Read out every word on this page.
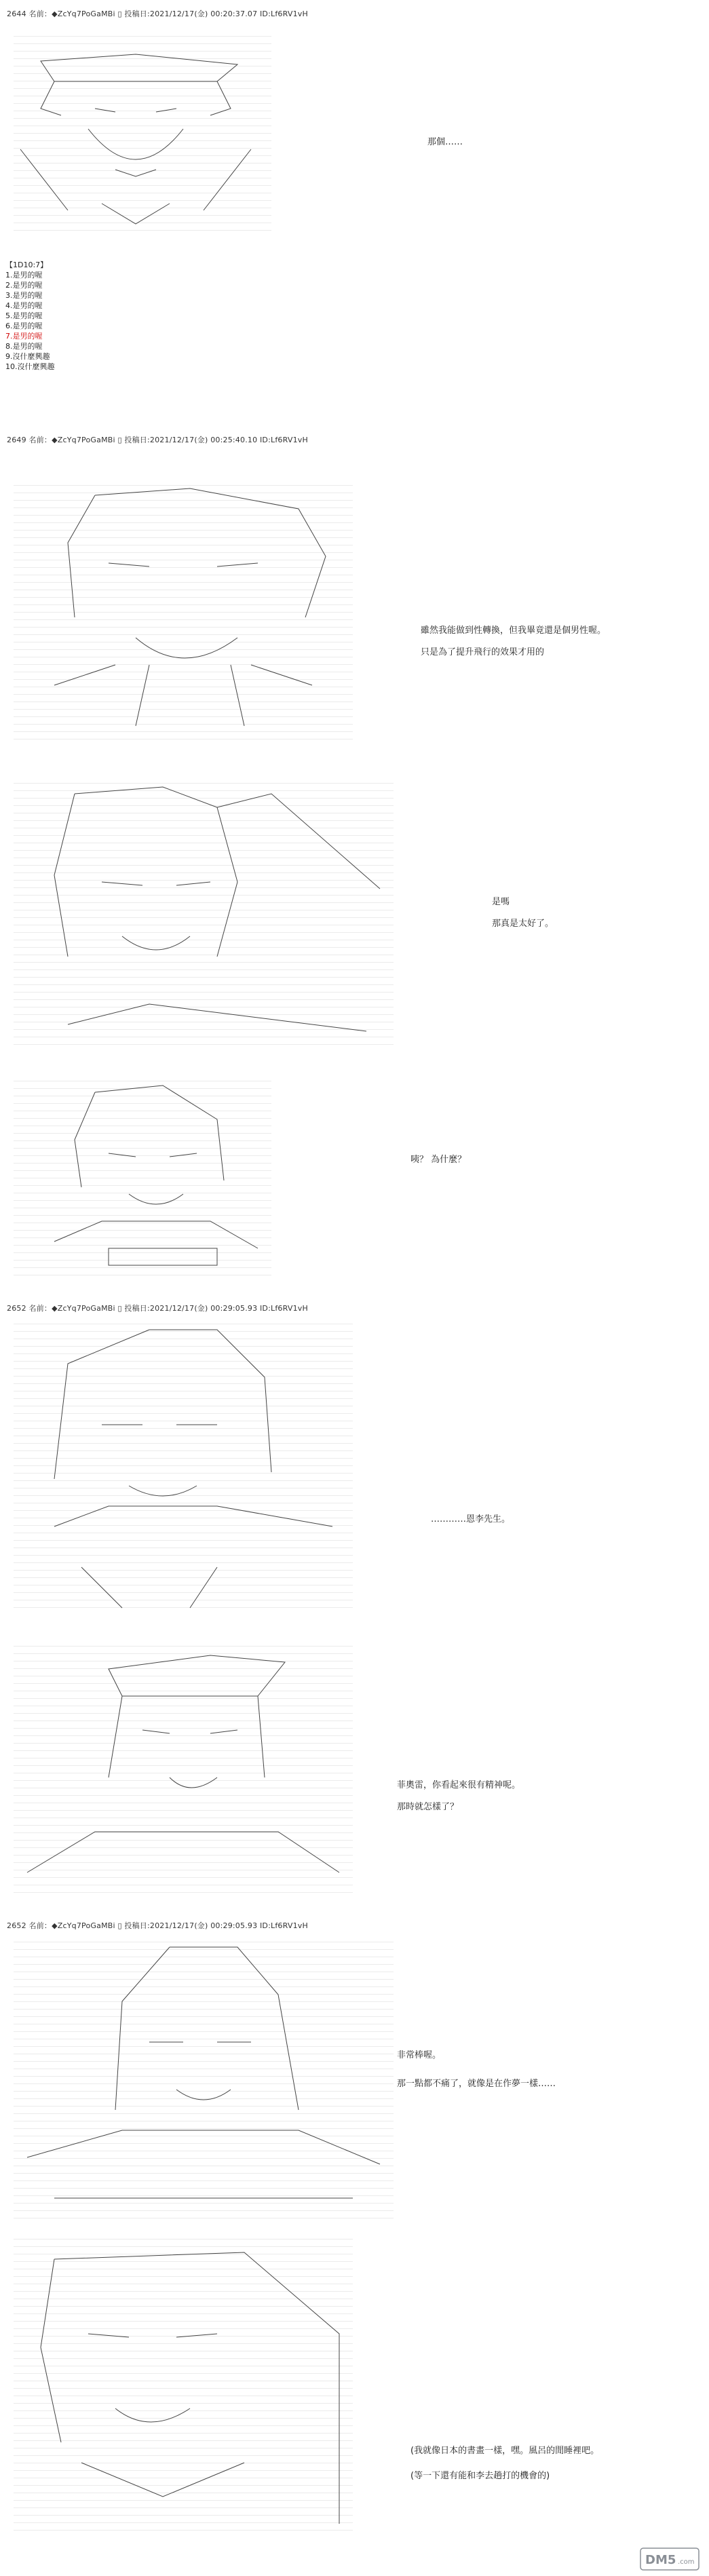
2644 名前：◆ZcYq7PoGaMBi ▯ 投稿日:2021/12/17(金) 00:20:37.07 ID:Lf6RV1vH
那個……
【1D10:7】
1.是男的喔
2.是男的喔
3.是男的喔
4.是男的喔
5.是男的喔
6.是男的喔
7.是男的喔
8.是男的喔
9.沒什麼興趣
10.沒什麼興趣
2649 名前：◆ZcYq7PoGaMBi ▯ 投稿日:2021/12/17(金) 00:25:40.10 ID:Lf6RV1vH
雖然我能做到性轉換，但我畢竟還是個男性喔。
只是為了提升飛行的效果才用的
是嗎
那真是太好了。
咦？ 為什麼？
2652 名前：◆ZcYq7PoGaMBi ▯ 投稿日:2021/12/17(金) 00:29:05.93 ID:Lf6RV1vH
…………恩李先生。
菲奧雷，你看起來很有精神呢。
那時就怎樣了？
2652 名前：◆ZcYq7PoGaMBi ▯ 投稿日:2021/12/17(金) 00:29:05.93 ID:Lf6RV1vH
非常棒喔。
那一點都不痛了，就像是在作夢一樣……
(我就像日本的書畫一樣，嘿。風呂的閒睡裡吧。
(等一下還有能和李去趟打的機會的)
DM5 .com
